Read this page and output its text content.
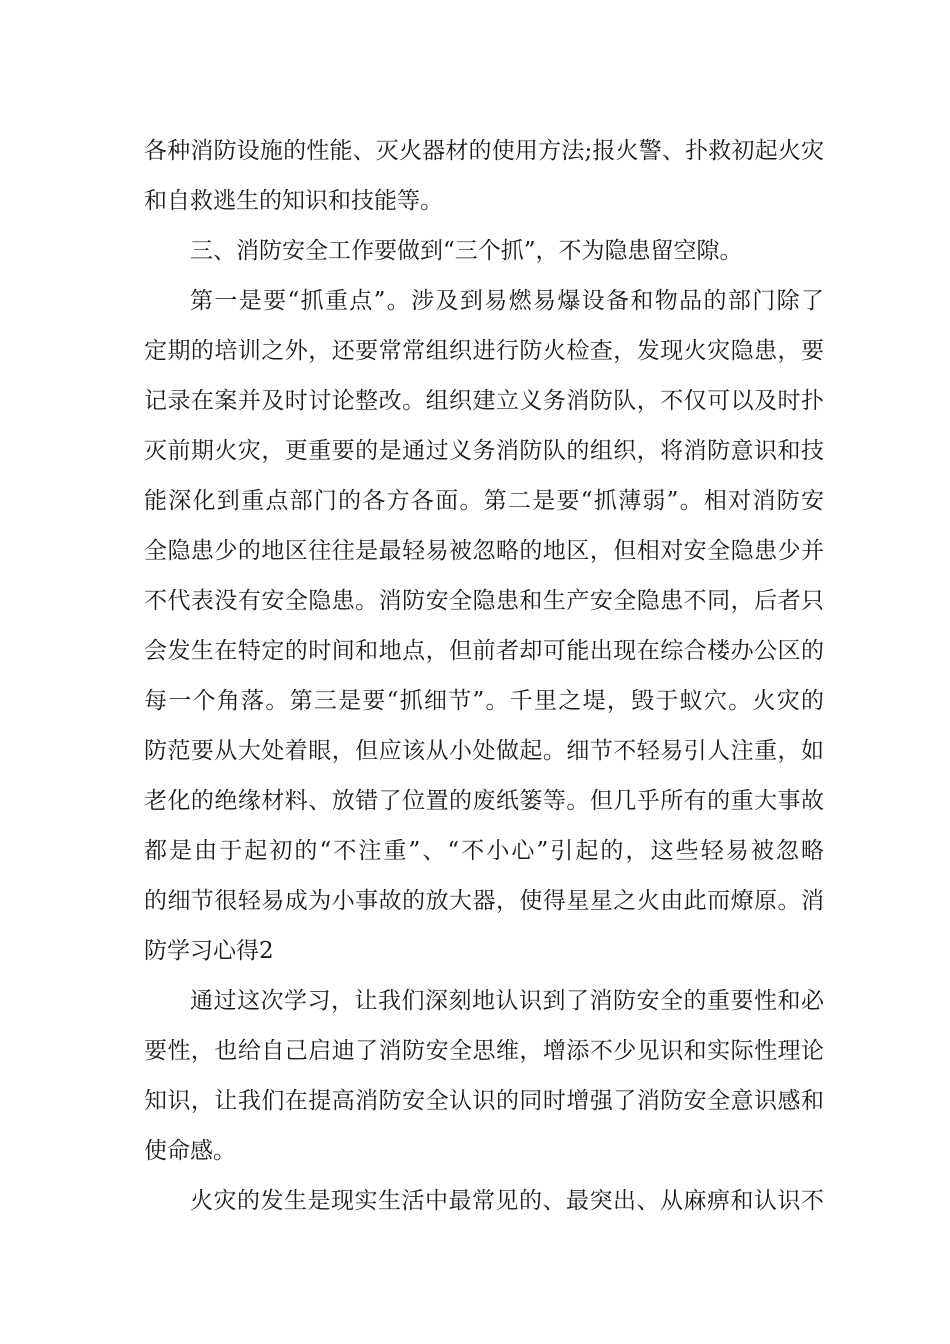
各种消防设施的性能、灭火器材的使用方法;报火警、扑救初起火灾
和自救逃生的知识和技能等。
三、消防安全工作要做到“三个抓”，不为隐患留空隙。
第一是要“抓重点”。涉及到易燃易爆设备和物品的部门除了
定期的培训之外，还要常常组织进行防火检查，发现火灾隐患，要
记录在案并及时讨论整改。组织建立义务消防队，不仅可以及时扑
灭前期火灾，更重要的是通过义务消防队的组织，将消防意识和技
能深化到重点部门的各方各面。第二是要“抓薄弱”。相对消防安
全隐患少的地区往往是最轻易被忽略的地区，但相对安全隐患少并
不代表没有安全隐患。消防安全隐患和生产安全隐患不同，后者只
会发生在特定的时间和地点，但前者却可能出现在综合楼办公区的
每一个角落。第三是要“抓细节”。千里之堤，毁于蚁穴。火灾的
防范要从大处着眼，但应该从小处做起。细节不轻易引人注重，如
老化的绝缘材料、放错了位置的废纸篓等。但几乎所有的重大事故
都是由于起初的“不注重”、“不小心”引起的，这些轻易被忽略
的细节很轻易成为小事故的放大器，使得星星之火由此而燎原。消
防学习心得2
通过这次学习，让我们深刻地认识到了消防安全的重要性和必
要性，也给自己启迪了消防安全思维，增添不少见识和实际性理论
知识，让我们在提高消防安全认识的同时增强了消防安全意识感和
使命感。
火灾的发生是现实生活中最常见的、最突出、从麻痹和认识不
